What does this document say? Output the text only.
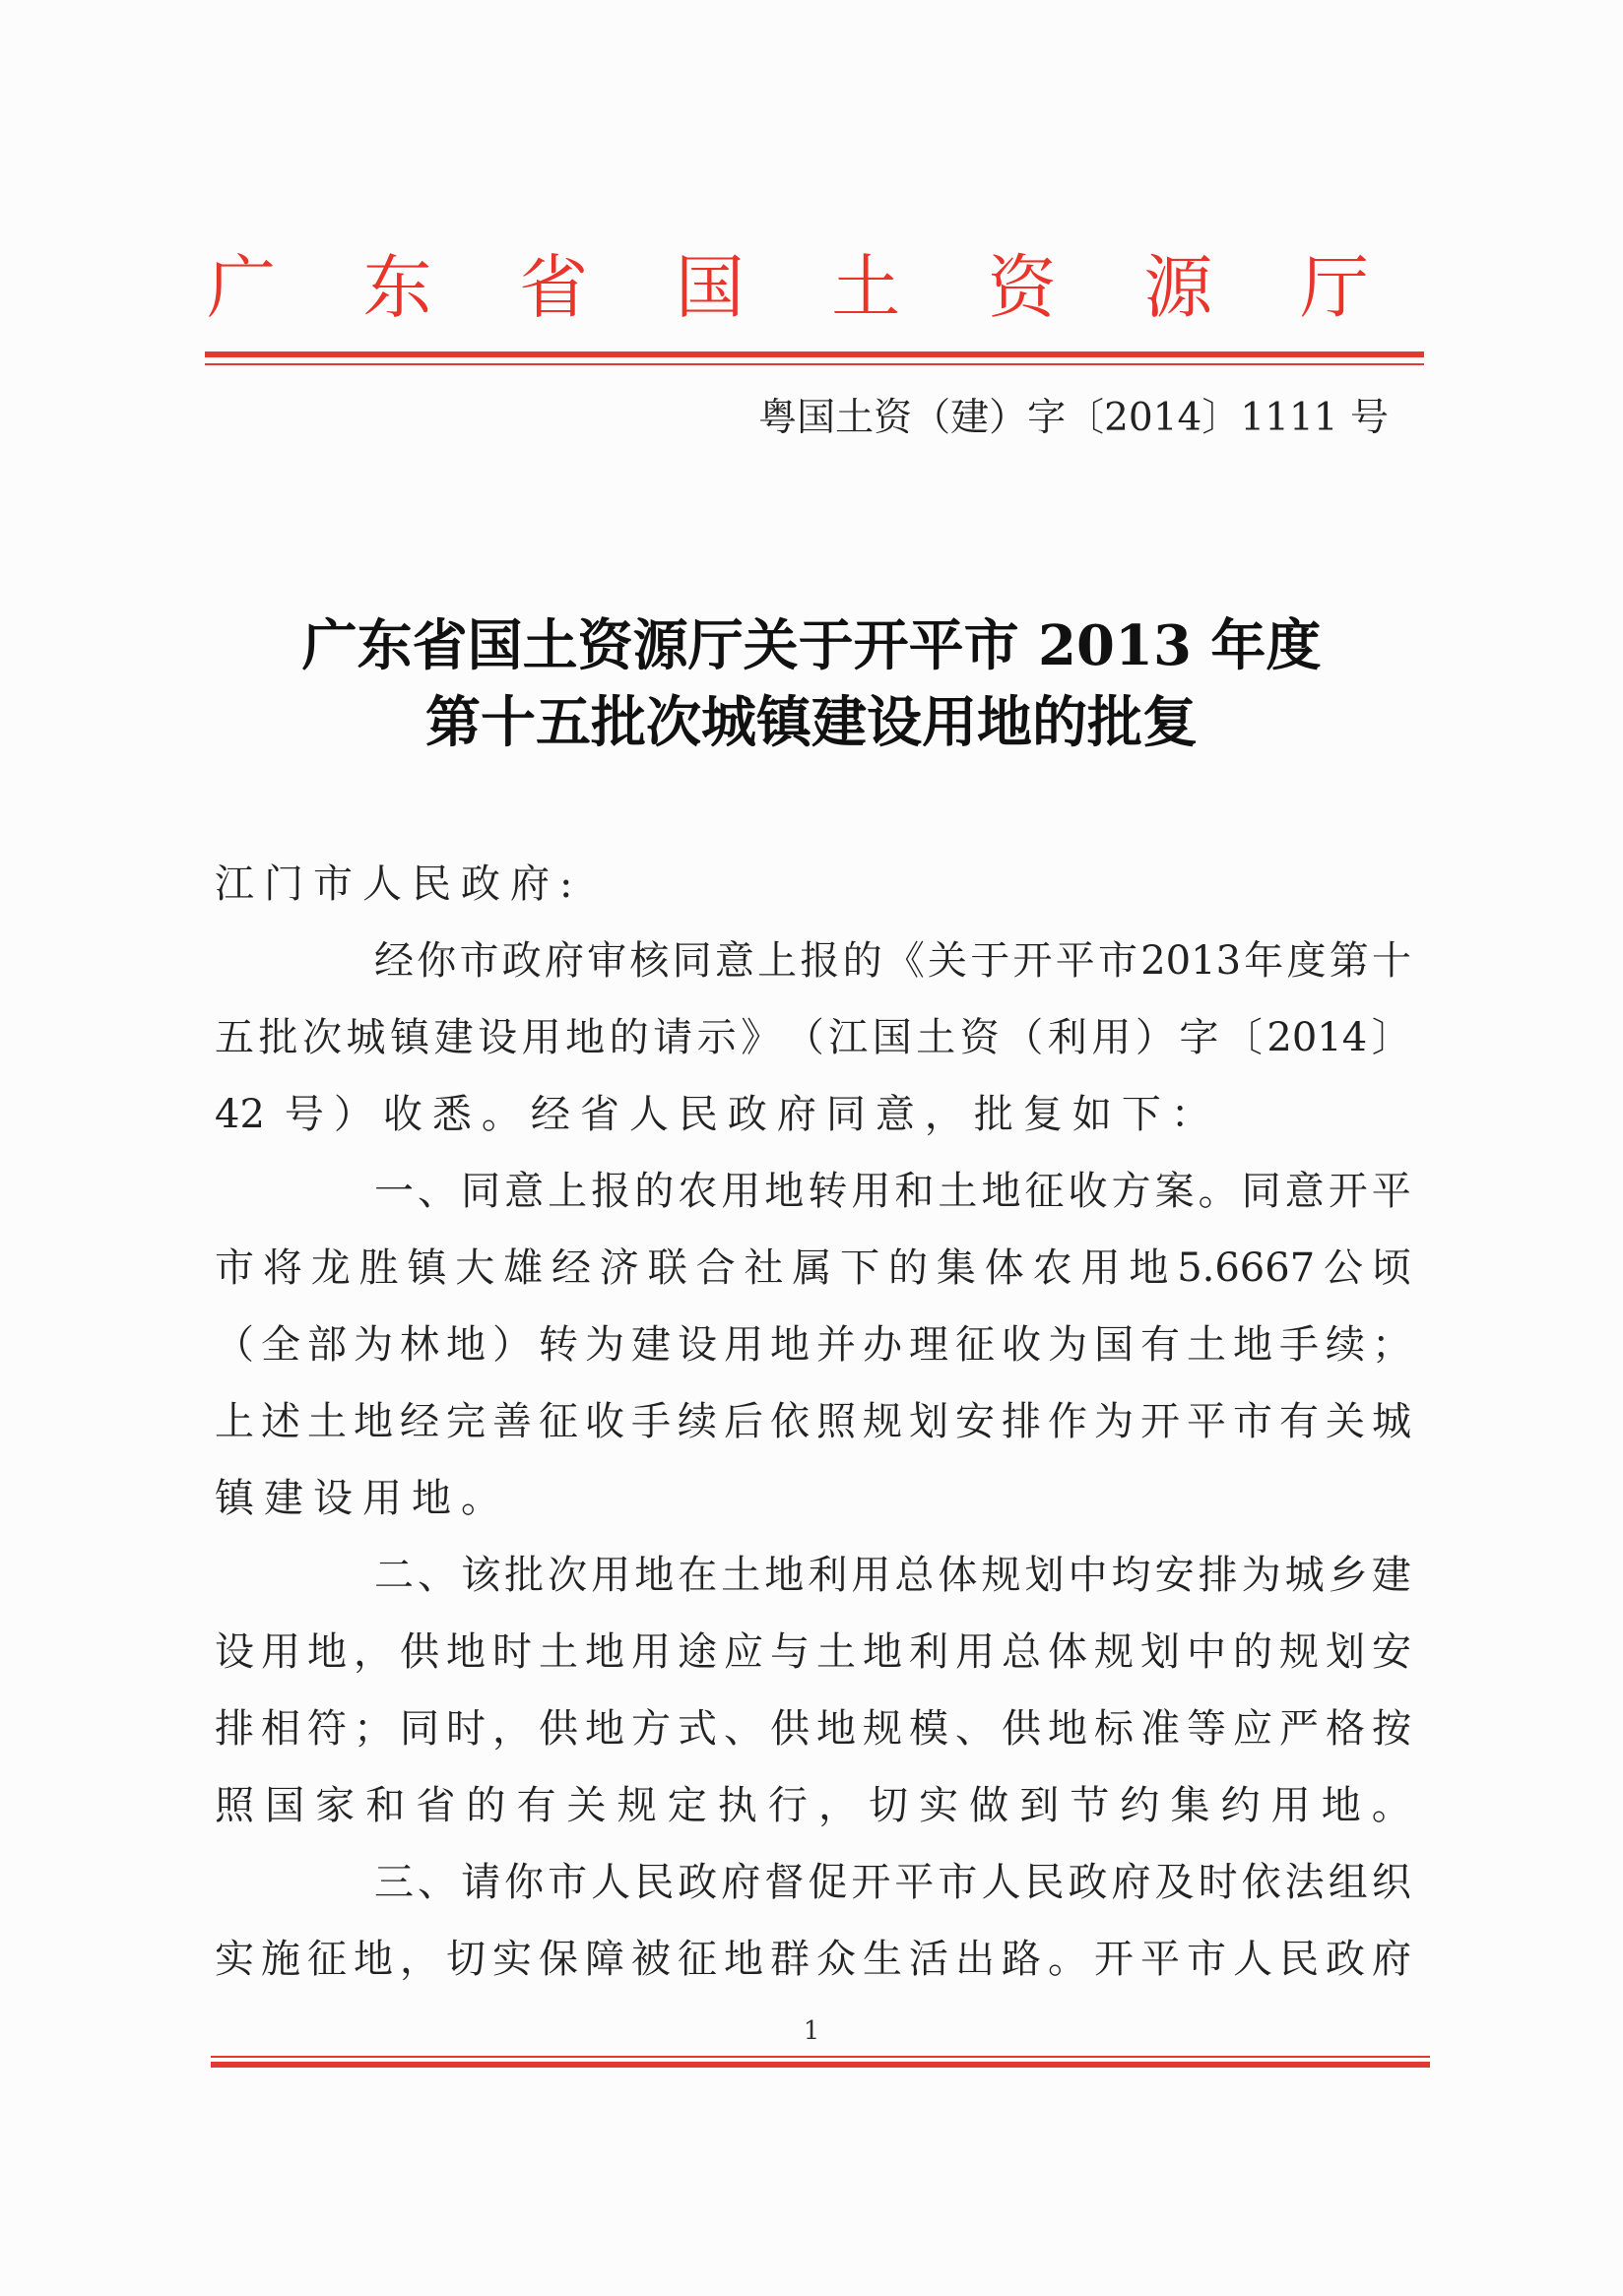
广 东 省 国 土 资 源 厅
粤国土资（建）字〔2014〕1111 号
广东省国土资源厅关于开平市 2013 年度
第十五批次城镇建设用地的批复
江 门 市 人 民 政 府 :
经 你 市 政 府 审 核 同 意 上 报 的 《 关 于 开 平 市 2013 年 度 第 十
五 批 次 城 镇 建 设 用 地 的 请 示 》 （ 江 国 土 资 （ 利 用 ） 字 〔 2014 〕
42 号 ） 收 悉 。 经 省 人 民 政 府 同 意 ， 批 复 如 下 ：
一 、 同 意 上 报 的 农 用 地 转 用 和 土 地 征 收 方 案 。 同 意 开 平
市 将 龙 胜 镇 大 雄 经 济 联 合 社 属 下 的 集 体 农 用 地 5.6667 公 顷
（ 全 部 为 林 地 ） 转 为 建 设 用 地 并 办 理 征 收 为 国 有 土 地 手 续 ；
上 述 土 地 经 完 善 征 收 手 续 后 依 照 规 划 安 排 作 为 开 平 市 有 关 城
镇 建 设 用 地 。
二 、 该 批 次 用 地 在 土 地 利 用 总 体 规 划 中 均 安 排 为 城 乡 建
设 用 地 ， 供 地 时 土 地 用 途 应 与 土 地 利 用 总 体 规 划 中 的 规 划 安
排 相 符 ； 同 时 ， 供 地 方 式 、 供 地 规 模 、 供 地 标 准 等 应 严 格 按
照 国 家 和 省 的 有 关 规 定 执 行 ， 切 实 做 到 节 约 集 约 用 地 。
三 、 请 你 市 人 民 政 府 督 促 开 平 市 人 民 政 府 及 时 依 法 组 织
实 施 征 地 ， 切 实 保 障 被 征 地 群 众 生 活 出 路 。 开 平 市 人 民 政 府
1
